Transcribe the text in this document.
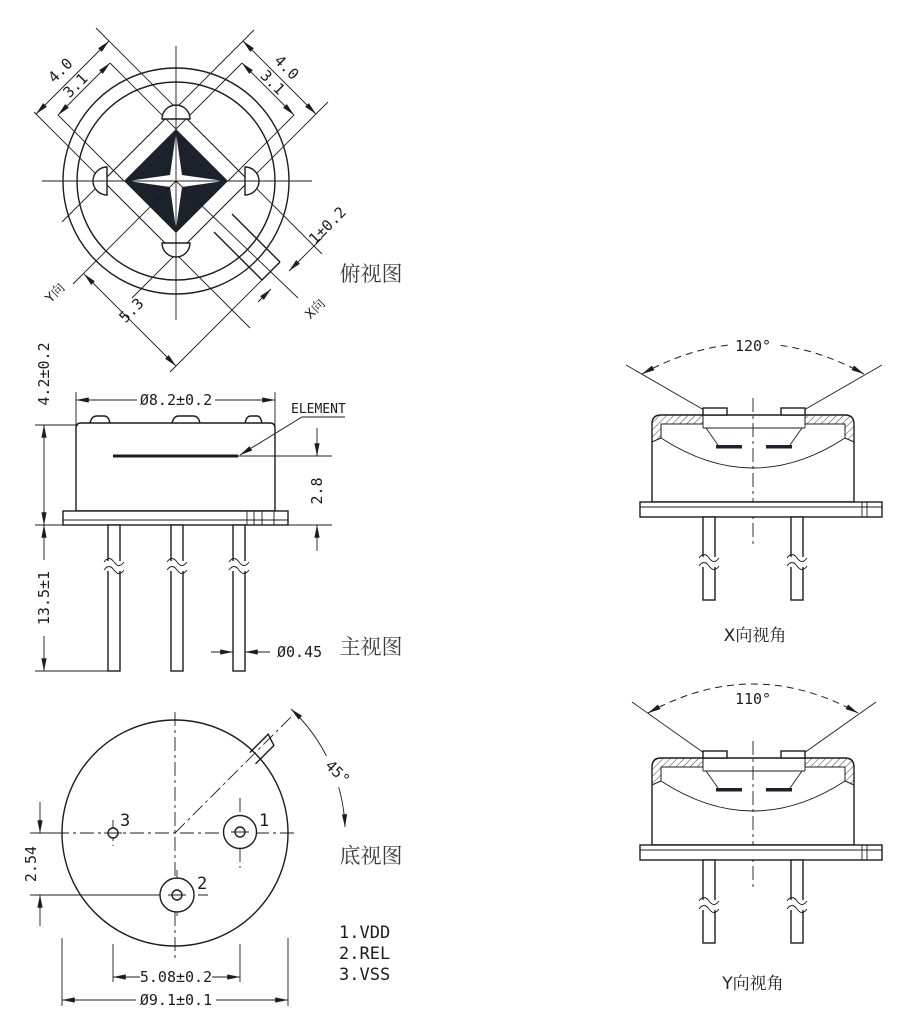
4.0
3.1
4.0
3.1
5.3
1±0.2
Y向
X向
俯视图
Ø8.2±0.2
ELEMENT
2.8
4.2±0.2
13.5±1
Ø0.45 主视图
45°
1
3
2
2.54
5.08±0.2
Ø9.1±0.1
底视图
1.VDD
2.REL
3.VSS
120°
X向视角
110°
Y向视角
